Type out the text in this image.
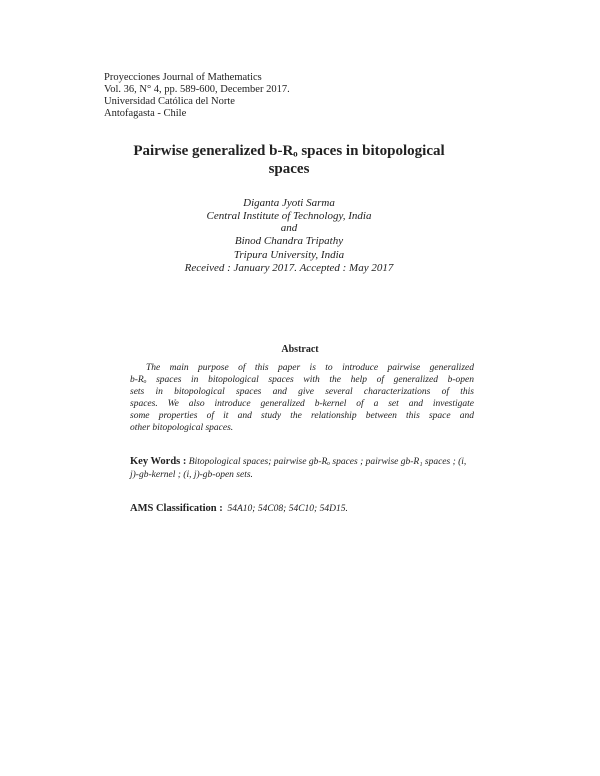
Proyecciones Journal of Mathematics
Vol. 36, N° 4, pp. 589-600, December 2017.
Universidad Católica del Norte
Antofagasta - Chile
Pairwise generalized b-Rₒ spaces in bitopological
spaces
Diganta Jyoti Sarma
Central Institute of Technology, India
and
Binod Chandra Tripathy
Tripura University, India
Received : January 2017. Accepted : May 2017
Abstract
The main purpose of this paper is to introduce pairwise generalized
b-Rₒ spaces in bitopological spaces with the help of generalized b-open
sets in bitopological spaces and give several characterizations of this
spaces. We also introduce generalized b-kernel of a set and investigate
some properties of it and study the relationship between this space and
other bitopological spaces.
Key Words : Bitopological spaces; pairwise gb-Rₒ spaces ; pairwise gb-R₁ spaces ; (i, j)-gb-kernel ; (i, j)-gb-open sets.
AMS Classification : 54A10; 54C08; 54C10; 54D15.
